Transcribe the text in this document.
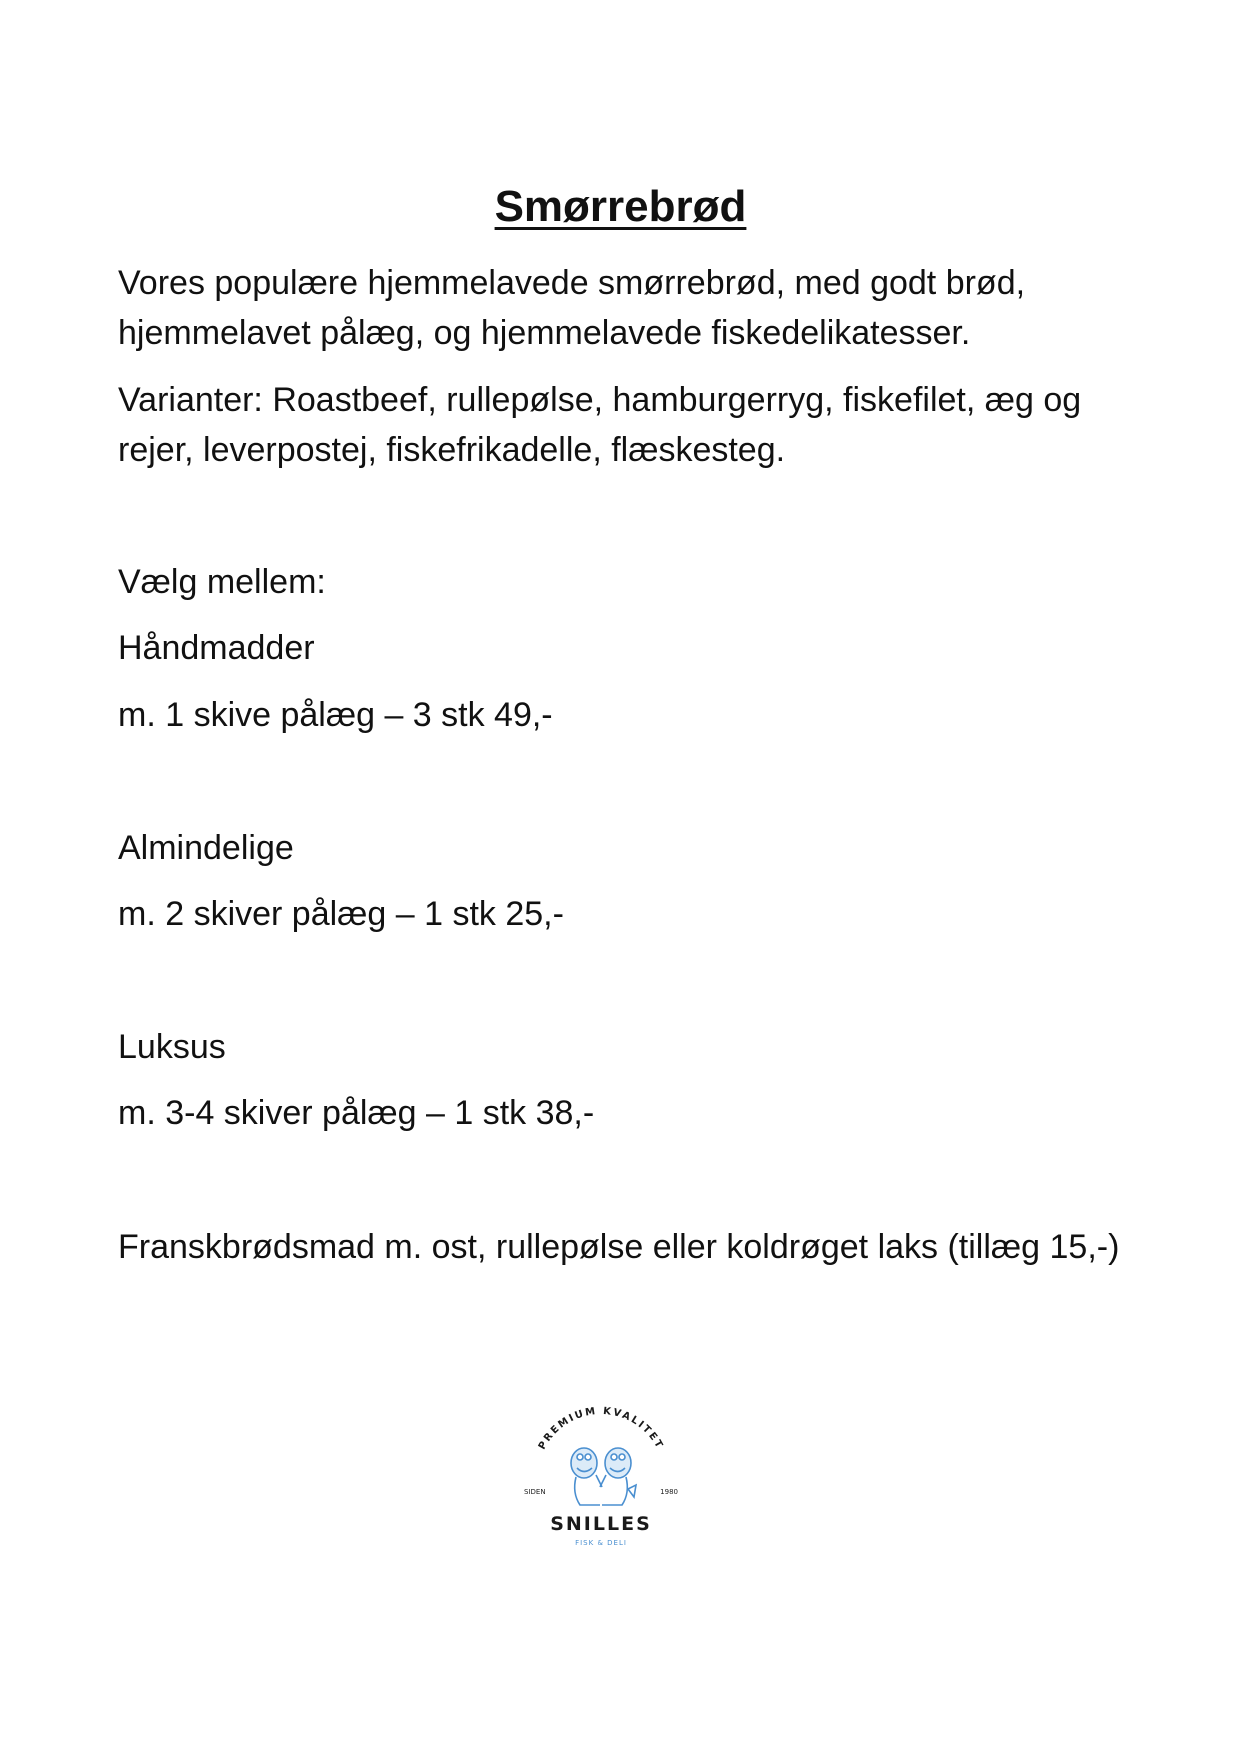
Smørrebrød

Vores populære hjemmelavede smørrebrød, med godt brød, hjemmelavet pålæg, og hjemmelavede fiskedelikatesser.

Varianter: Roastbeef, rullepølse, hamburgerryg, fiskefilet, æg og rejer, leverpostej, fiskefrikadelle, flæskesteg.

Vælg mellem:

Håndmadder

m. 1 skive pålæg – 3 stk 49,-

Almindelige

m. 2 skiver pålæg – 1 stk 25,-

Luksus

m. 3-4 skiver pålæg – 1 stk 38,-

Franskbrødsmad m. ost, rullepølse eller koldrøget laks (tillæg 15,-)

PREMIUM KVALITET
SIDEN	1980
SNILLES
FISK & DELI
